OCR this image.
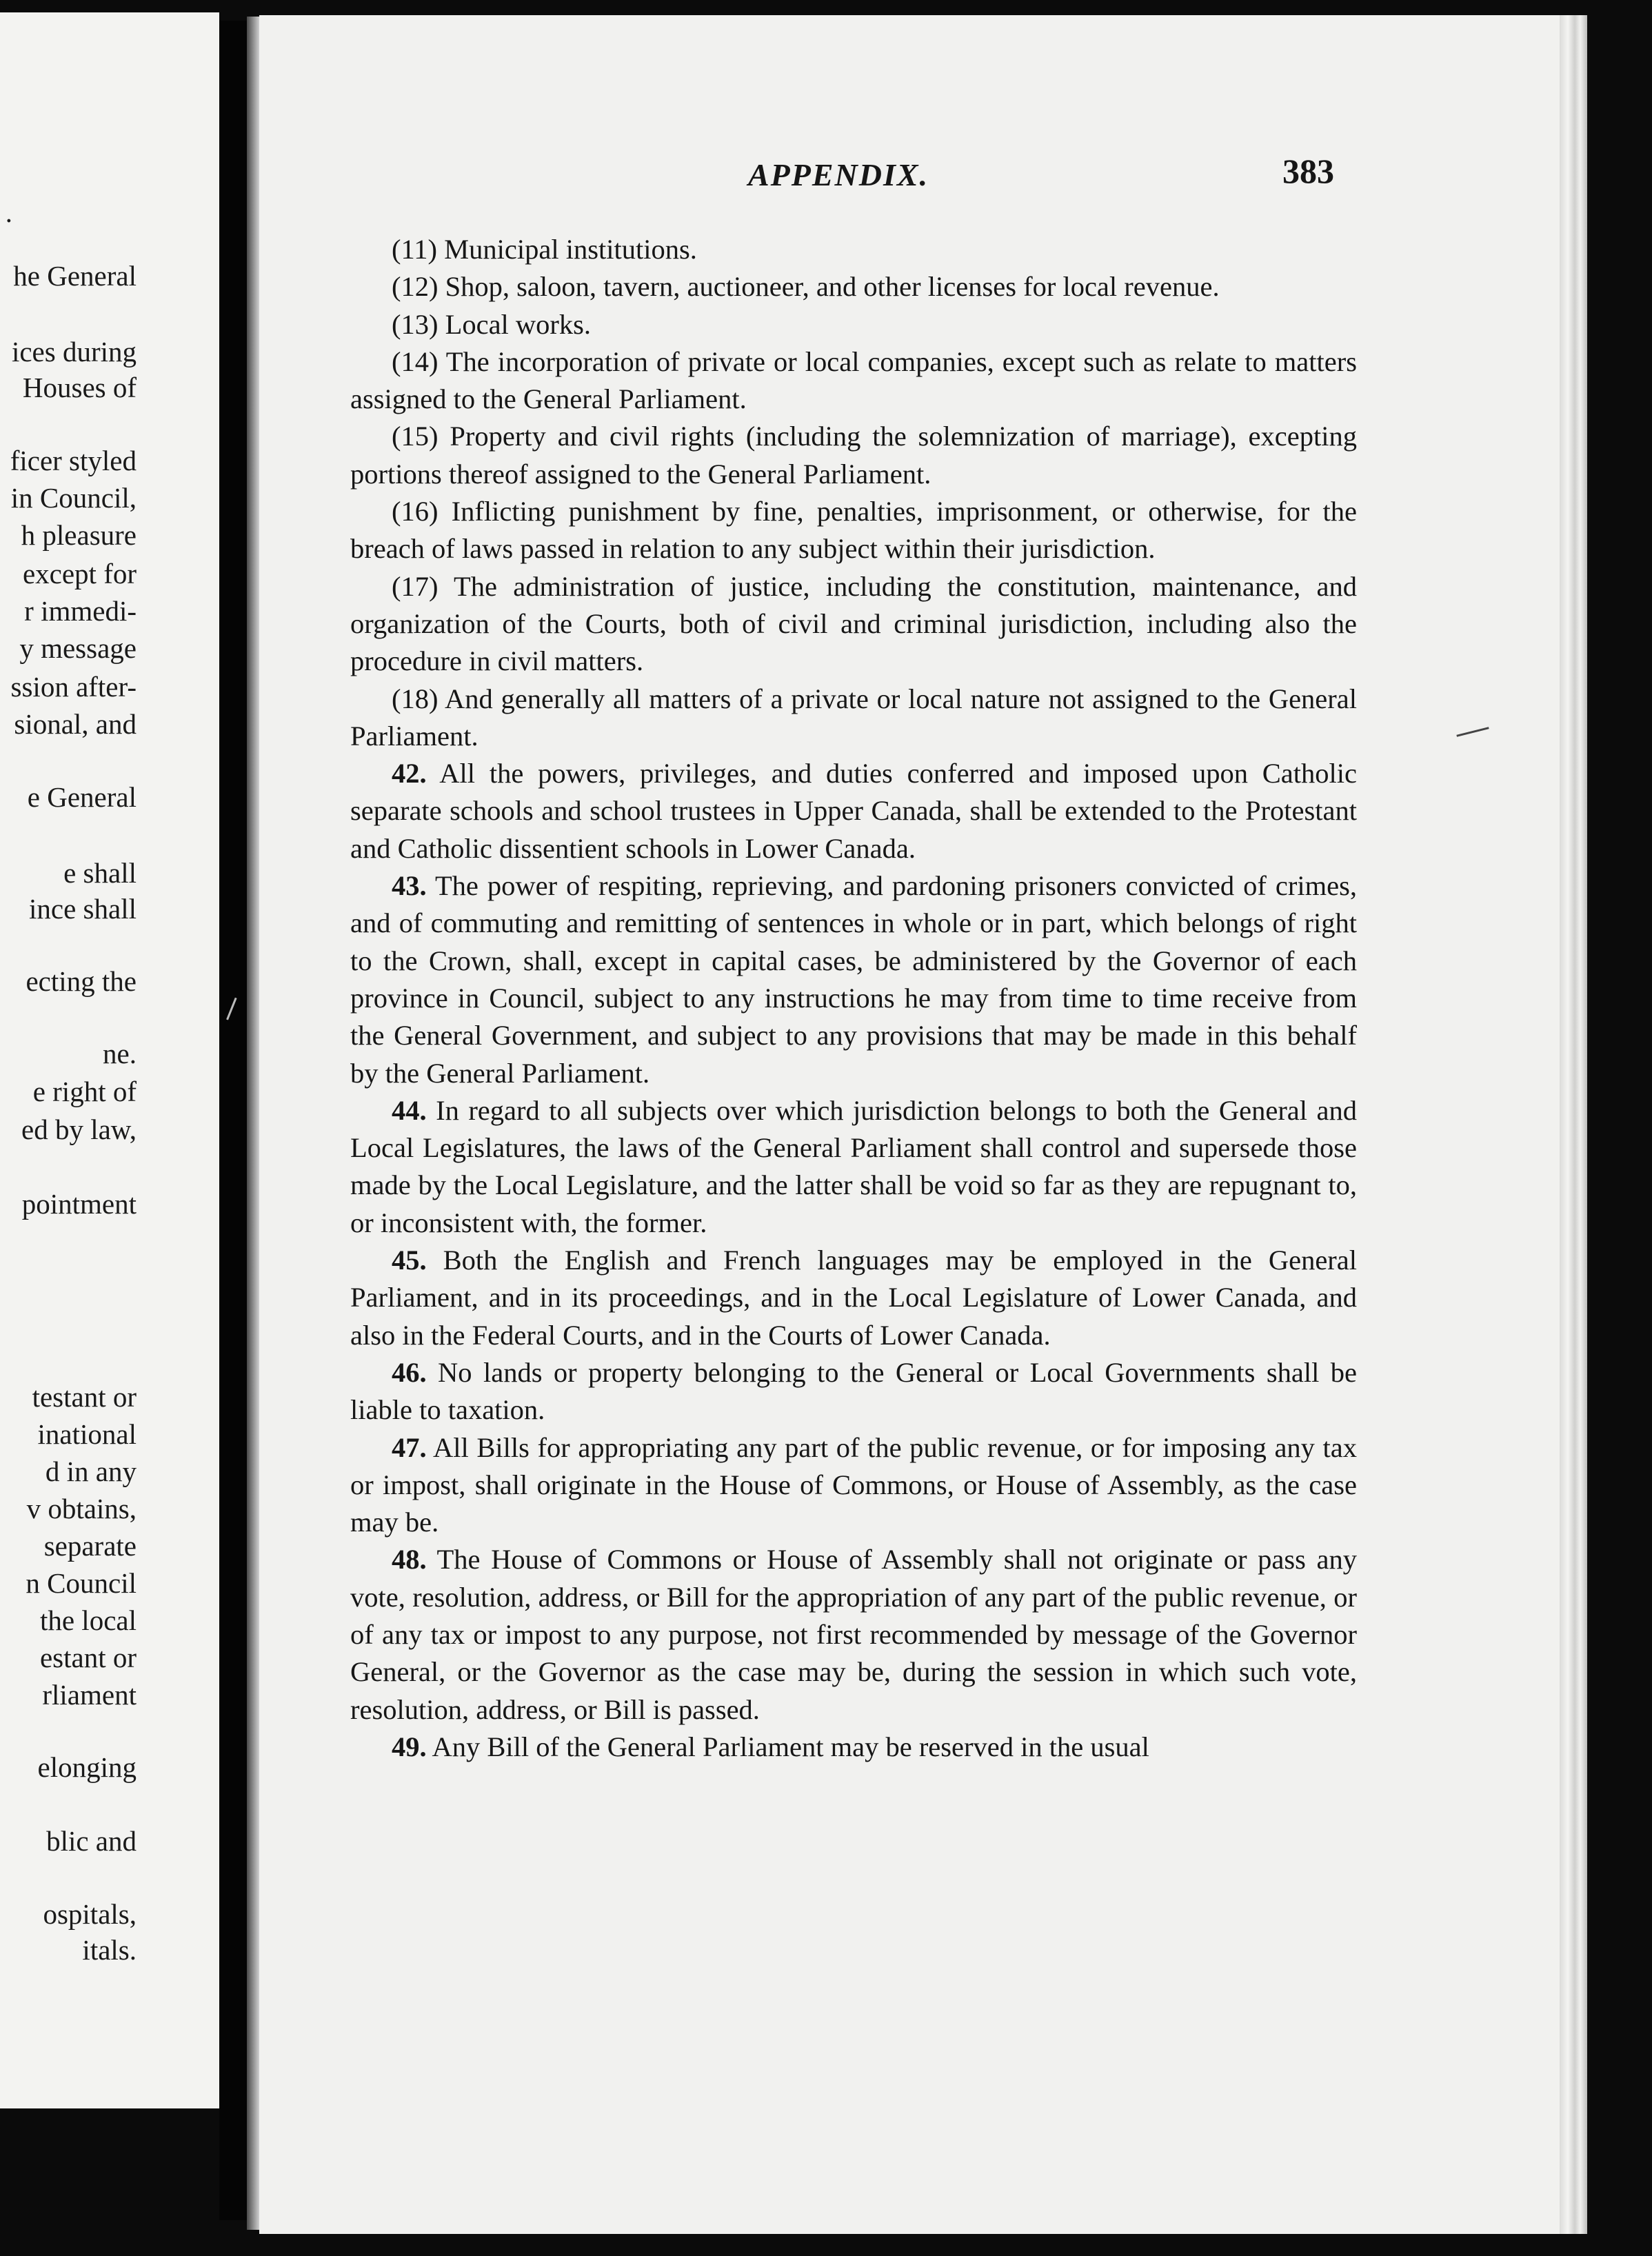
.
he General
ices during
Houses of
ficer styled
in Council,
h pleasure
except for
r immedi-
y message
ssion after-
sional, and
e General
e shall
ince shall
ecting the
ne.
e right of
ed by law,
pointment
testant or
inational
d in any
v obtains,
separate
n Council
the local
estant or
rliament
elonging
blic and
ospitals,
itals.
APPENDIX.	383

(11) Municipal institutions.

(12) Shop, saloon, tavern, auctioneer, and other licenses for local revenue.

(13) Local works.

(14) The incorporation of private or local companies, except such as relate to matters assigned to the General Parliament.

(15) Property and civil rights (including the solemnization of marriage), excepting portions thereof assigned to the General Parliament.

(16) Inflicting punishment by fine, penalties, imprisonment, or otherwise, for the breach of laws passed in relation to any subject within their jurisdiction.

(17) The administration of justice, including the constitution, maintenance, and organization of the Courts, both of civil and criminal jurisdiction, including also the procedure in civil matters.

(18) And generally all matters of a private or local nature not assigned to the General Parliament.

42. All the powers, privileges, and duties conferred and imposed upon Catholic separate schools and school trustees in Upper Canada, shall be extended to the Protestant and Catholic dissentient schools in Lower Canada.

43. The power of respiting, reprieving, and pardoning prisoners convicted of crimes, and of commuting and remitting of sentences in whole or in part, which belongs of right to the Crown, shall, except in capital cases, be administered by the Governor of each province in Council, subject to any instructions he may from time to time receive from the General Government, and subject to any provisions that may be made in this behalf by the General Parliament.

44. In regard to all subjects over which jurisdiction belongs to both the General and Local Legislatures, the laws of the General Parliament shall control and supersede those made by the Local Legislature, and the latter shall be void so far as they are repugnant to, or inconsistent with, the former.

45. Both the English and French languages may be employed in the General Parliament, and in its proceedings, and in the Local Legislature of Lower Canada, and also in the Federal Courts, and in the Courts of Lower Canada.

46. No lands or property belonging to the General or Local Governments shall be liable to taxation.

47. All Bills for appropriating any part of the public revenue, or for imposing any tax or impost, shall originate in the House of Commons, or House of Assembly, as the case may be.

48. The House of Commons or House of Assembly shall not originate or pass any vote, resolution, address, or Bill for the appropriation of any part of the public revenue, or of any tax or impost to any purpose, not first recommended by message of the Governor General, or the Governor as the case may be, during the session in which such vote, resolution, address, or Bill is passed.

49. Any Bill of the General Parliament may be reserved in the usual
